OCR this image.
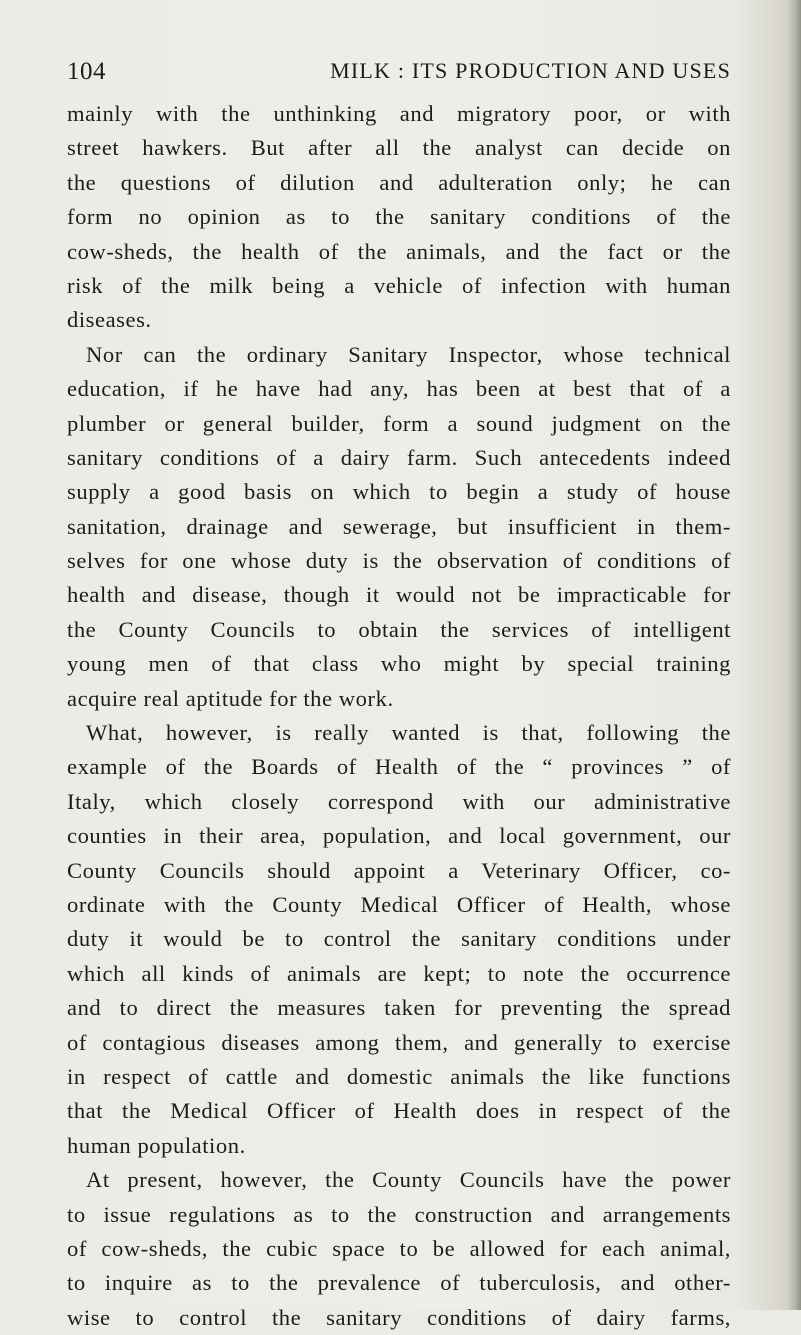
104	MILK : ITS PRODUCTION AND USES
mainly with the unthinking and migratory poor, or with
street hawkers. But after all the analyst can decide on
the questions of dilution and adulteration only; he can
form no opinion as to the sanitary conditions of the
cow-sheds, the health of the animals, and the fact or the
risk of the milk being a vehicle of infection with human
diseases.
Nor can the ordinary Sanitary Inspector, whose technical
education, if he have had any, has been at best that of a
plumber or general builder, form a sound judgment on the
sanitary conditions of a dairy farm. Such antecedents indeed
supply a good basis on which to begin a study of house
sanitation, drainage and sewerage, but insufficient in them-
selves for one whose duty is the observation of conditions of
health and disease, though it would not be impracticable for
the County Councils to obtain the services of intelligent
young men of that class who might by special training
acquire real aptitude for the work.
What, however, is really wanted is that, following the
example of the Boards of Health of the “ provinces ” of
Italy, which closely correspond with our administrative
counties in their area, population, and local government, our
County Councils should appoint a Veterinary Officer, co-
ordinate with the County Medical Officer of Health, whose
duty it would be to control the sanitary conditions under
which all kinds of animals are kept; to note the occurrence
and to direct the measures taken for preventing the spread
of contagious diseases among them, and generally to exercise
in respect of cattle and domestic animals the like functions
that the Medical Officer of Health does in respect of the
human population.
At present, however, the County Councils have the power
to issue regulations as to the construction and arrangements
of cow-sheds, the cubic space to be allowed for each animal,
to inquire as to the prevalence of tuberculosis, and other-
wise to control the sanitary conditions of dairy farms,
